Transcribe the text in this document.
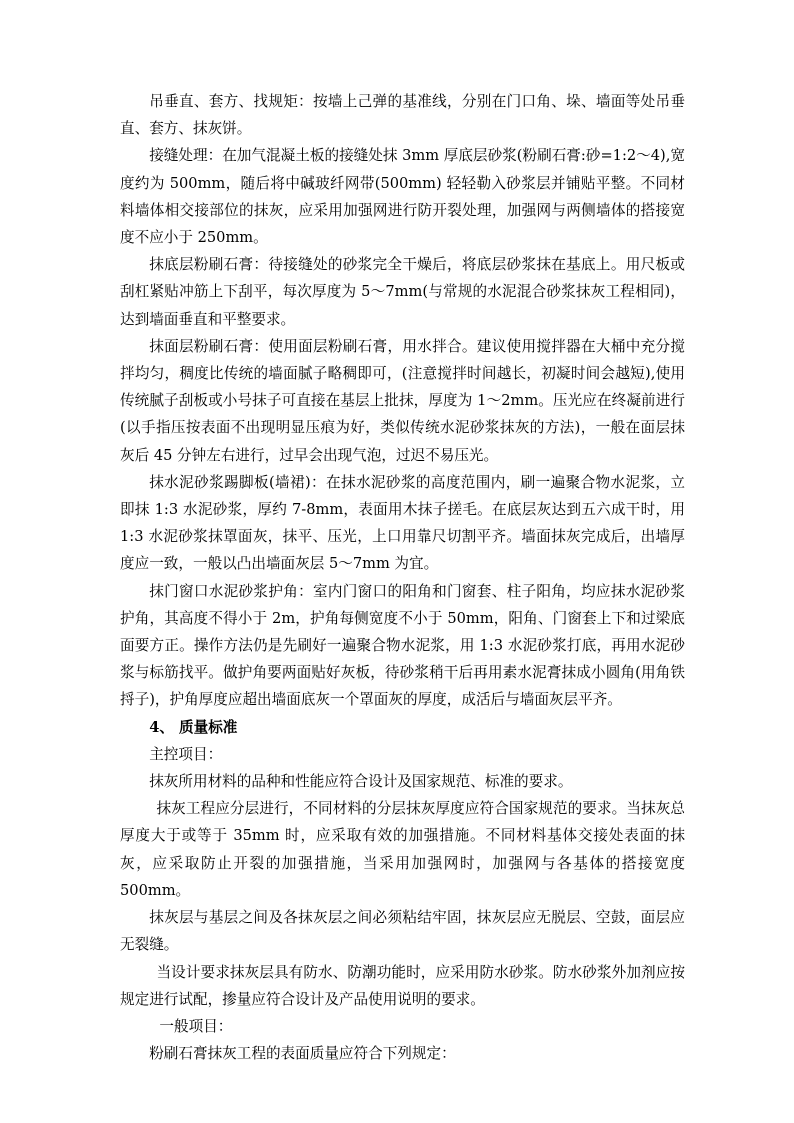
吊垂直、套方、找规矩：按墙上己弹的基准线，分别在门口角、垛、墙面等处吊垂直、套方、抹灰饼。

接缝处理：在加气混凝土板的接缝处抹 3mm 厚底层砂浆(粉刷石膏:砂=1:2～4),宽度约为 500mm，随后将中碱玻纤网带(500mm) 轻轻勒入砂浆层并铺贴平整。不同材料墙体相交接部位的抹灰，应采用加强网进行防开裂处理，加强网与两侧墙体的搭接宽度不应小于 250mm。

抹底层粉刷石膏：待接缝处的砂浆完全干燥后，将底层砂浆抹在基底上。用尺板或刮杠紧贴冲筋上下刮平，每次厚度为 5～7mm(与常规的水泥混合砂浆抹灰工程相同)，达到墙面垂直和平整要求。

抹面层粉刷石膏：使用面层粉刷石膏，用水拌合。建议使用搅拌器在大桶中充分搅拌均匀，稠度比传统的墙面腻子略稠即可，(注意搅拌时间越长，初凝时间会越短),使用传统腻子刮板或小号抹子可直接在基层上批抹，厚度为 1～2mm。压光应在终凝前进行(以手指压按表面不出现明显压痕为好，类似传统水泥砂浆抹灰的方法)，一般在面层抹灰后 45 分钟左右进行，过早会出现气泡，过迟不易压光。

抹水泥砂浆踢脚板(墙裙)：在抹水泥砂浆的高度范围内，刷一遍聚合物水泥浆，立即抹 1:3 水泥砂浆，厚约 7-8mm，表面用木抹子搓毛。在底层灰达到五六成干时，用 1:3 水泥砂浆抹罩面灰，抹平、压光，上口用靠尺切割平齐。墙面抹灰完成后，出墙厚度应一致，一般以凸出墙面灰层 5～7mm 为宜。

抹门窗口水泥砂浆护角：室内门窗口的阳角和门窗套、柱子阳角，均应抹水泥砂浆护角，其高度不得小于 2m，护角每侧宽度不小于 50mm，阳角、门窗套上下和过梁底面要方正。操作方法仍是先刷好一遍聚合物水泥浆，用 1:3 水泥砂浆打底，再用水泥砂浆与标筋找平。做护角要两面贴好灰板，待砂浆稍干后再用素水泥膏抹成小圆角(用角铁捋子)，护角厚度应超出墙面底灰一个罩面灰的厚度，成活后与墙面灰层平齐。

4、 质量标准

主控项目：

抹灰所用材料的品种和性能应符合设计及国家规范、标准的要求。

抹灰工程应分层进行，不同材料的分层抹灰厚度应符合国家规范的要求。当抹灰总厚度大于或等于 35mm 时，应采取有效的加强措施。不同材料基体交接处表面的抹灰，应采取防止开裂的加强措施，当采用加强网时，加强网与各基体的搭接宽度 500mm。

抹灰层与基层之间及各抹灰层之间必须粘结牢固，抹灰层应无脱层、空鼓，面层应无裂缝。

当设计要求抹灰层具有防水、防潮功能时，应采用防水砂浆。防水砂浆外加剂应按规定进行试配，掺量应符合设计及产品使用说明的要求。

一般项目：

粉刷石膏抹灰工程的表面质量应符合下列规定：
